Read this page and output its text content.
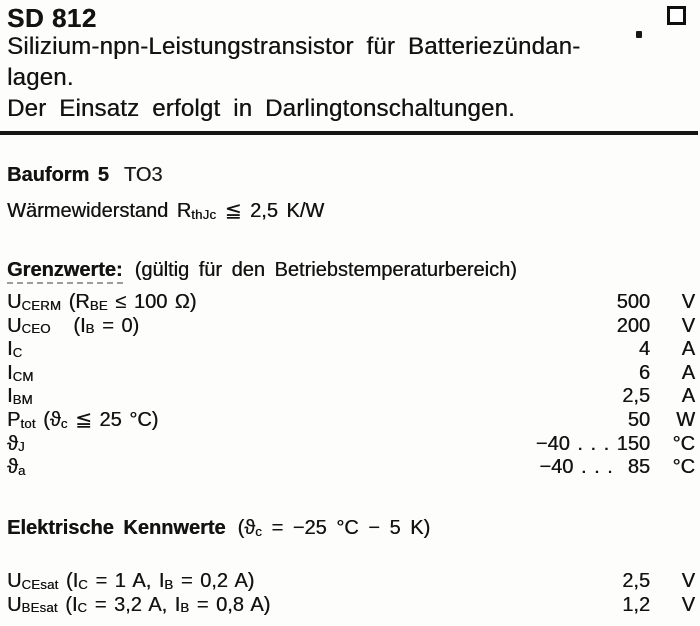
SD 812
Silizium-npn-Leistungstransistor für Batteriezündan-
lagen.
Der Einsatz erfolgt in Darlingtonschaltungen.
Bauform 5 TO3
Wärmewiderstand $R_{thJc}$ ≦ 2,5 K/W
Grenzwerte: (gültig für den Betriebstemperaturbereich)
$U_{CERM}$ ($R_{BE} \le 100$ Ω)	500	V
$U_{CEO}$   $(I_B = 0)$	200	V
$I_C$	4	A
$I_{CM}$	6	A
$I_{BM}$	2,5	A
$P_{tot}$ ($ϑ_c$ ≦ 25 °C)	50	W
$ϑ_J$	−40 . . . 150	°C
$ϑ_a$	−40 . . .  85	°C
Elektrische Kennwerte ($ϑ_c = -25$ °C − 5 K)
$U_{CEsat}$ ($I_C = 1$ A, $I_B = 0,2$ A)	2,5	V
$U_{BEsat}$ ($I_C = 3,2$ A, $I_B = 0,8$ A)	1,2	V
